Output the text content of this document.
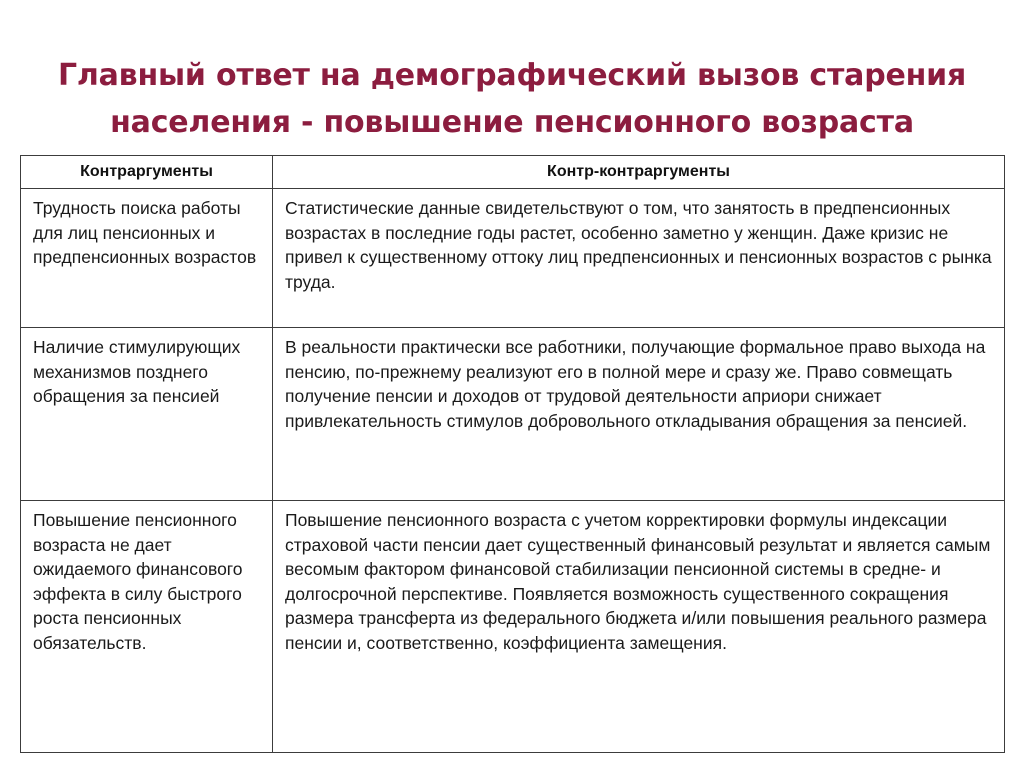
Главный ответ на демографический вызов старения
населения - повышение пенсионного возраста
Контраргументы	Контр-контраргументы
Трудность поиска работы для лиц пенсионных и предпенсионных возрастов	Статистические данные свидетельствуют о том, что занятость в предпенсионных возрастах в последние годы растет, особенно заметно у женщин. Даже кризис не привел к существенному оттоку лиц предпенсионных и пенсионных возрастов с рынка труда.
Наличие стимулирующих механизмов позднего обращения за пенсией	В реальности практически все работники, получающие формальное право выхода на пенсию, по-прежнему реализуют его в полной мере и сразу же. Право совмещать получение пенсии и доходов от трудовой деятельности априори снижает привлекательность стимулов добровольного откладывания обращения за пенсией.
Повышение пенсионного возраста не дает ожидаемого финансового эффекта в силу быстрого роста пенсионных обязательств.	Повышение пенсионного возраста с учетом корректировки формулы индексации страховой части пенсии дает существенный финансовый результат и является самым весомым фактором финансовой стабилизации пенсионной системы в средне- и долгосрочной перспективе. Появляется возможность существенного сокращения размера трансферта из федерального бюджета и/или повышения реального размера пенсии и, соответственно, коэффициента замещения.
